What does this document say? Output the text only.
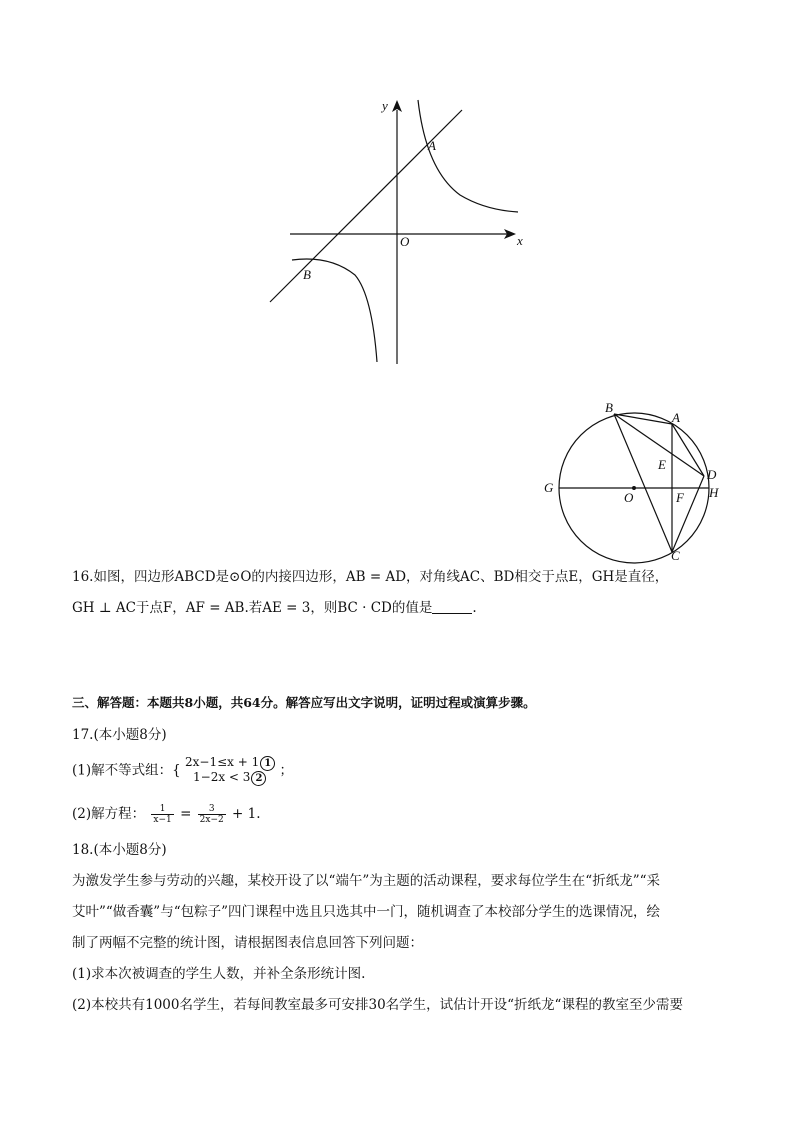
y
x
O
A
B
B
A
E
D
G
O	F H
C
16.如图，四边形ABCD是⊙O的内接四边形，AB = AD，对角线AC、BD相交于点E，GH是直径，
GH ⊥ AC于点F，AF = AB.若AE = 3，则BC · CD的值是	.
三、解答题：本题共8小题，共64分。解答应写出文字说明，证明过程或演算步骤。
17.(本小题8分)
(1)解不等式组：{
2x−1≤x + 1 1
1−2x < 3 2	；
(2)解方程： $\frac{1}{x-1} = \frac{3}{2x-2} + 1$.
18.(本小题8分)
为激发学生参与劳动的兴趣，某校开设了以“端午”为主题的活动课程，要求每位学生在“折纸龙”“采
艾叶”“做香囊”与“包粽子”四门课程中选且只选其中一门，随机调查了本校部分学生的选课情况，绘
制了两幅不完整的统计图，请根据图表信息回答下列问题：
(1)求本次被调查的学生人数，并补全条形统计图.
(2)本校共有1000名学生，若每间教室最多可安排30名学生，试估计开设“折纸龙“课程的教室至少需要
